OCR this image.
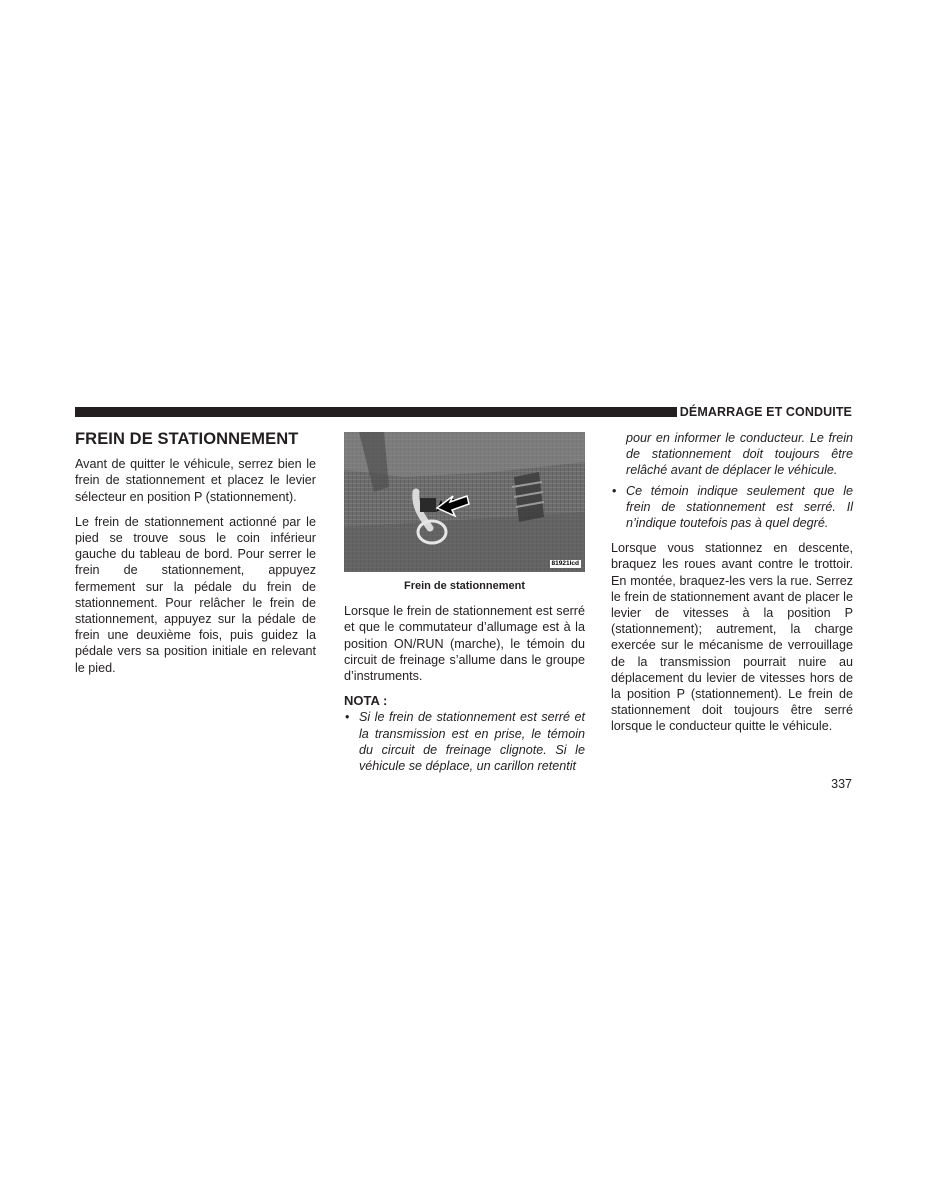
DÉMARRAGE ET CONDUITE
FREIN DE STATIONNEMENT

Avant de quitter le véhicule, serrez bien le frein de stationnement et placez le levier sélecteur en position P (stationnement).

Le frein de stationnement actionné par le pied se trouve sous le coin inférieur gauche du tableau de bord. Pour serrer le frein de stationnement, appuyez fermement sur la pédale du frein de stationnement. Pour relâcher le frein de stationnement, appuyez sur la pédale de frein une deuxième fois, puis guidez la pédale vers sa position initiale en relevant le pied.

81921lcd
Frein de stationnement

Lorsque le frein de stationnement est serré et que le commutateur d’allumage est à la position ON/RUN (marche), le témoin du circuit de freinage s’allume dans le groupe d’instruments.

NOTA :
• Si le frein de stationnement est serré et la transmission est en prise, le témoin du circuit de freinage clignote. Si le véhicule se déplace, un carillon retentit
pour en informer le conducteur. Le frein de stationnement doit toujours être relâché avant de déplacer le véhicule.
• Ce témoin indique seulement que le frein de stationnement est serré. Il n’indique toutefois pas à quel degré.

Lorsque vous stationnez en descente, braquez les roues avant contre le trottoir. En montée, braquez-les vers la rue. Serrez le frein de stationnement avant de placer le levier de vitesses à la position P (stationnement); autrement, la charge exercée sur le mécanisme de verrouillage de la transmission pourrait nuire au déplacement du levier de vitesses hors de la position P (stationnement). Le frein de stationnement doit toujours être serré lorsque le conducteur quitte le véhicule.

337
